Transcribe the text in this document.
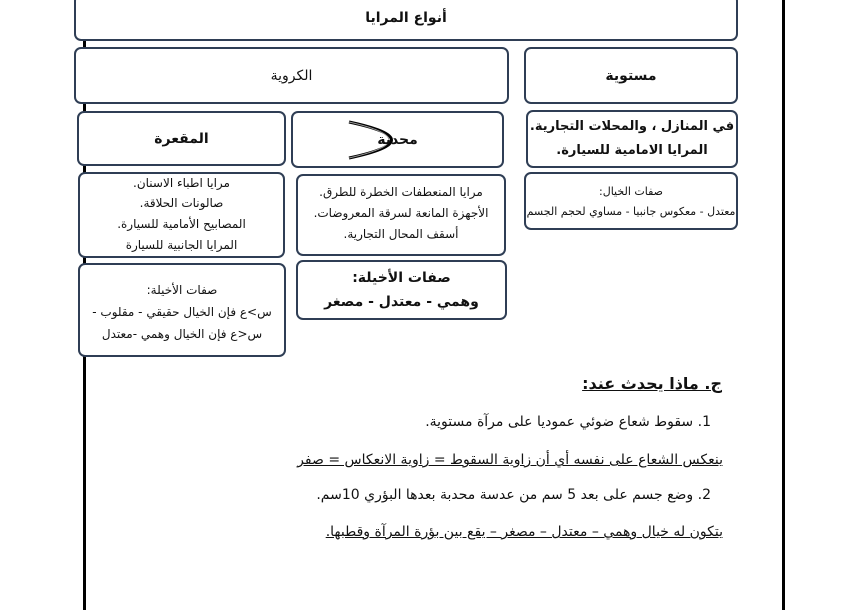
أنواع المرايا
الكروية	مستوية
المقعرة	محدبة
في المنازل ، والمحلات التجارية.
المرايا الامامية للسيارة.
مرايا اطباء الاسنان.
صالونات الحلاقة.
المصابيح الأمامية للسيارة.
المرايا الجانبية للسيارة
مرايا المنعطفات الخطرة للطرق.
الأجهزة المانعة لسرقة المعروضات.
أسقف المحال التجارية.
صفات الخيال:
معتدل - معكوس جانبيا - مساوي لحجم الجسم
صفات الأخيلة:
س>ع فإن الخيال حقيقي - مقلوب -
س<ع فإن الخيال وهمي -معتدل
صفات الأخيلة:
وهمي - معتدل - مصغر
ج. ماذا يحدث عند:
1. سقوط شعاع ضوئي عموديا على مرآة مستوية.
ينعكس الشعاع على نفسه أي أن زاوية السقوط = زاوية الانعكاس = صفر
2. وضع جسم على بعد 5 سم من عدسة محدبة بعدها البؤري 10سم.
يتكون له خيال وهمي – معتدل – مصغر – يقع بين بؤرة المرآة وقطبها.
